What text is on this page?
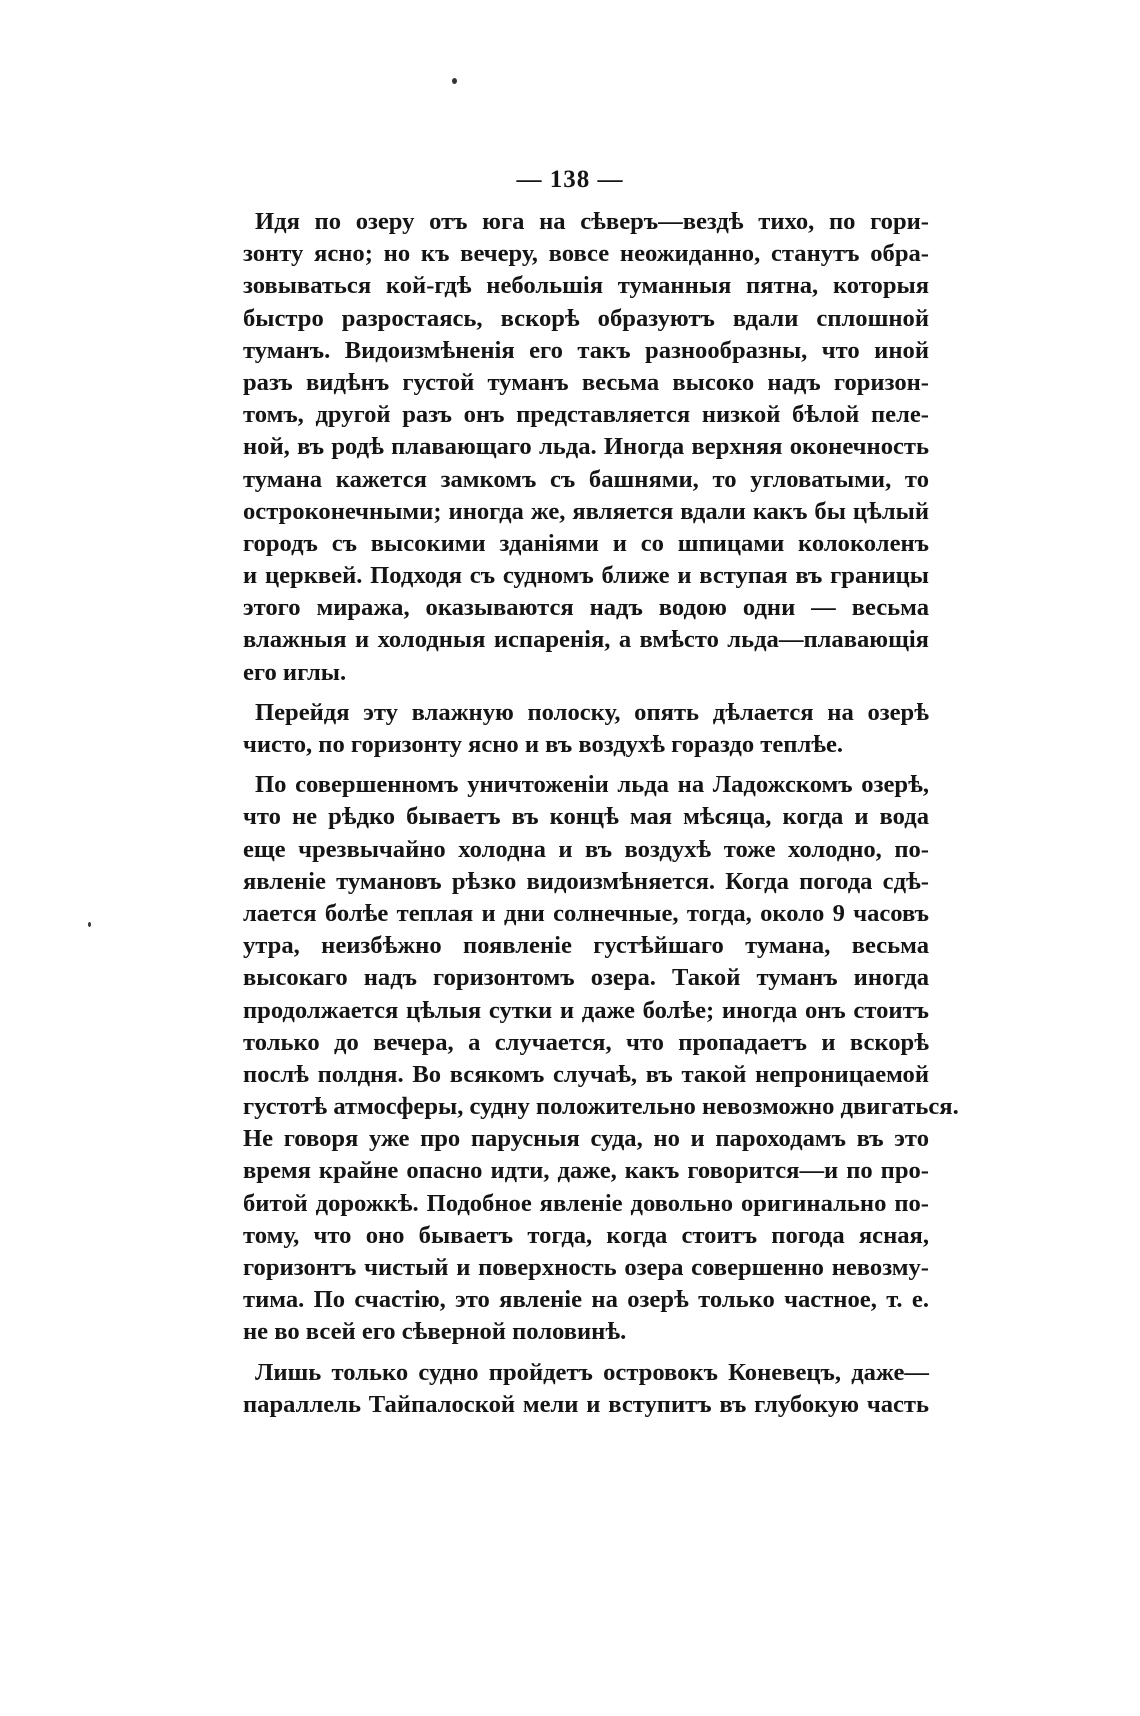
— 138 —
Идя по озеру отъ юга на сѣверъ—вездѣ тихо, по гори-
зонту ясно; но къ вечеру, вовсе неожиданно, станутъ обра-
зовываться кой-гдѣ небольшія туманныя пятна, которыя
быстро разростаясь, вскорѣ образуютъ вдали сплошной
туманъ. Видоизмѣненія его такъ разнообразны, что иной
разъ видѣнъ густой туманъ весьма высоко надъ горизон-
томъ, другой разъ онъ представляется низкой бѣлой пеле-
ной, въ родѣ плавающаго льда. Иногда верхняя оконечность
тумана кажется замкомъ съ башнями, то угловатыми, то
остроконечными; иногда же, является вдали какъ бы цѣлый
городъ съ высокими зданіями и со шпицами колоколенъ
и церквей. Подходя съ судномъ ближе и вступая въ границы
этого миража, оказываются надъ водою одни — весьма
влажныя и холодныя испаренія, а вмѣсто льда—плавающія
его иглы.
Перейдя эту влажную полоску, опять дѣлается на озерѣ
чисто, по горизонту ясно и въ воздухѣ гораздо теплѣе.
По совершенномъ уничтоженіи льда на Ладожскомъ озерѣ,
что не рѣдко бываетъ въ концѣ мая мѣсяца, когда и вода
еще чрезвычайно холодна и въ воздухѣ тоже холодно, по-
явленіе тумановъ рѣзко видоизмѣняется. Когда погода сдѣ-
лается болѣе теплая и дни солнечные, тогда, около 9 часовъ
утра, неизбѣжно появленіе густѣйшаго тумана, весьма
высокаго надъ горизонтомъ озера. Такой туманъ иногда
продолжается цѣлыя сутки и даже болѣе; иногда онъ стоитъ
только до вечера, а случается, что пропадаетъ и вскорѣ
послѣ полдня. Во всякомъ случаѣ, въ такой непроницаемой
густотѣ атмосферы, судну положительно невозможно двигаться.
Не говоря уже про парусныя суда, но и пароходамъ въ это
время крайне опасно идти, даже, какъ говорится—и по про-
битой дорожкѣ. Подобное явленіе довольно оригинально по-
тому, что оно бываетъ тогда, когда стоитъ погода ясная,
горизонтъ чистый и поверхность озера совершенно невозму-
тима. По счастію, это явленіе на озерѣ только частное, т. е.
не во всей его сѣверной половинѣ.
Лишь только судно пройдетъ островокъ Коневецъ, даже—
параллель Тайпалоской мели и вступитъ въ глубокую часть
